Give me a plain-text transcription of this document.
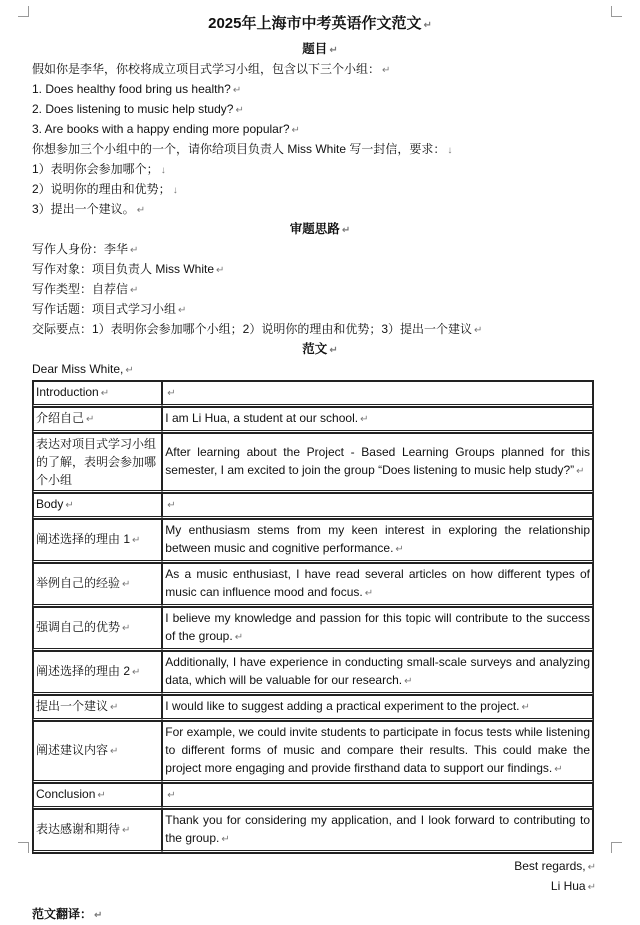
2025年上海市中考英语作文范文 ↵
题目 ↵
假如你是李华，你校将成立项目式学习小组，包含以下三个小组： ↵
1. Does healthy food bring us health? ↵
2. Does listening to music help study? ↵
3. Are books with a happy ending more popular? ↵
你想参加三个小组中的一个，请你给项目负责人 Miss White 写一封信，要求： ↓
1）表明你会参加哪个； ↓
2）说明你的理由和优势； ↓
3）提出一个建议。 ↵
审题思路 ↵
写作人身份：李华 ↵
写作对象：项目负责人 Miss White ↵
写作类型：自荐信 ↵
写作话题：项目式学习小组 ↵
交际要点：1）表明你会参加哪个小组；2）说明你的理由和优势；3）提出一个建议 ↵
范文 ↵
Dear Miss White, ↵
Introduction ↵	↵
介绍自己 ↵	I am Li Hua, a student at our school. ↵
表达对项目式学习小组的了解，表明会参加哪个小组	After learning about the Project - Based Learning Groups planned for this semester, I am excited to join the group “Does listening to music help study?” ↵
Body ↵	↵
阐述选择的理由 1 ↵	My enthusiasm stems from my keen interest in exploring the relationship between music and cognitive performance. ↵
举例自己的经验 ↵	As a music enthusiast, I have read several articles on how different types of music can influence mood and focus. ↵
强调自己的优势 ↵	I believe my knowledge and passion for this topic will contribute to the success of the group. ↵
阐述选择的理由 2 ↵	Additionally, I have experience in conducting small-scale surveys and analyzing data, which will be valuable for our research. ↵
提出一个建议 ↵	I would like to suggest adding a practical experiment to the project. ↵
阐述建议内容 ↵	For example, we could invite students to participate in focus tests while listening to different forms of music and compare their results. This could make the project more engaging and provide firsthand data to support our findings. ↵
Conclusion ↵	↵
表达感谢和期待 ↵	Thank you for considering my application, and I look forward to contributing to the group. ↵
Best regards, ↵
Li Hua ↵
范文翻译： ↵
